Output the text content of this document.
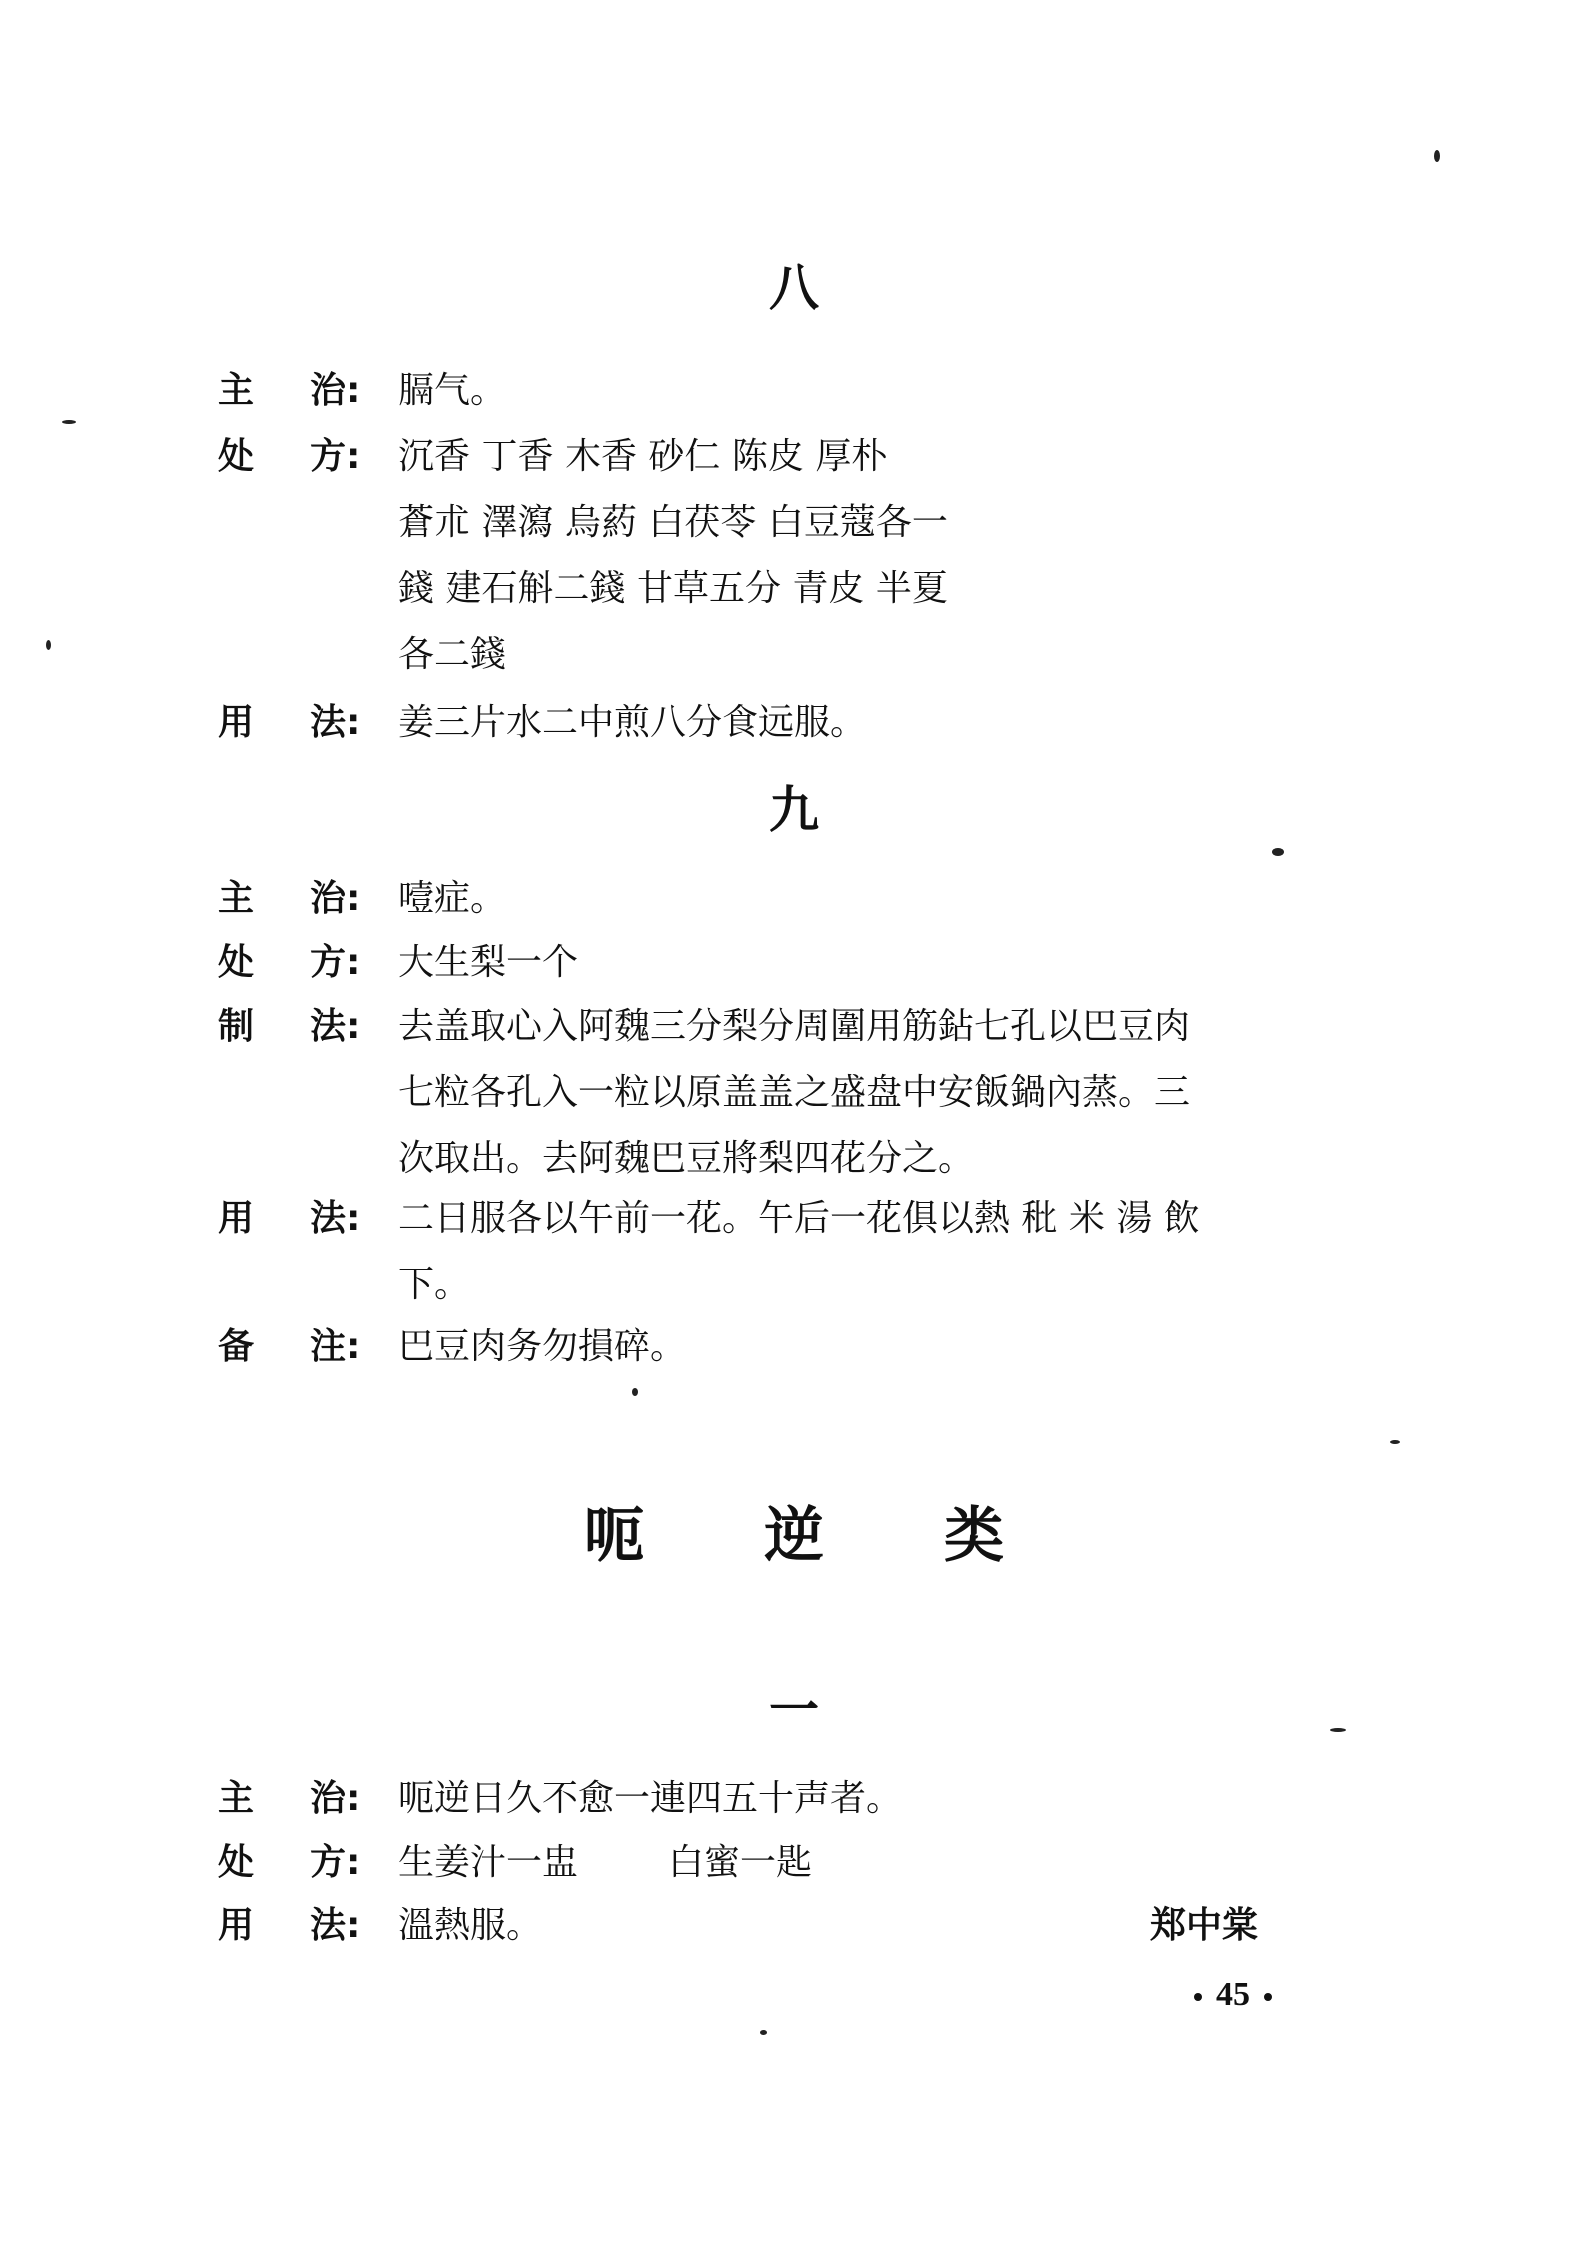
八
主 治:	膈气。
处 方:	沉香 丁香 木香 砂仁 陈皮 厚朴
蒼朮 澤瀉 烏葯 白茯苓 白豆蔻各一
錢 建石斛二錢 甘草五分 青皮 半夏
各二錢
用 法:	姜三片水二中煎八分食远服。
九
主 治:	噎症。
处 方:	大生梨一个
制 法:	去盖取心入阿魏三分梨分周圍用筋鉆七孔以巴豆肉
七粒各孔入一粒以原盖盖之盛盘中安飯鍋內蒸。三
次取出。去阿魏巴豆將梨四花分之。
用 法:	二日服各以午前一花。午后一花俱以熱 秕 米 湯 飲
下。
备 注:	巴豆肉务勿損碎。
呃 逆 类
一
主 治:	呃逆日久不愈一連四五十声者。
处 方:	生姜汁一盅	白蜜一匙
用 法:	溫熱服。	郑中棠
45
